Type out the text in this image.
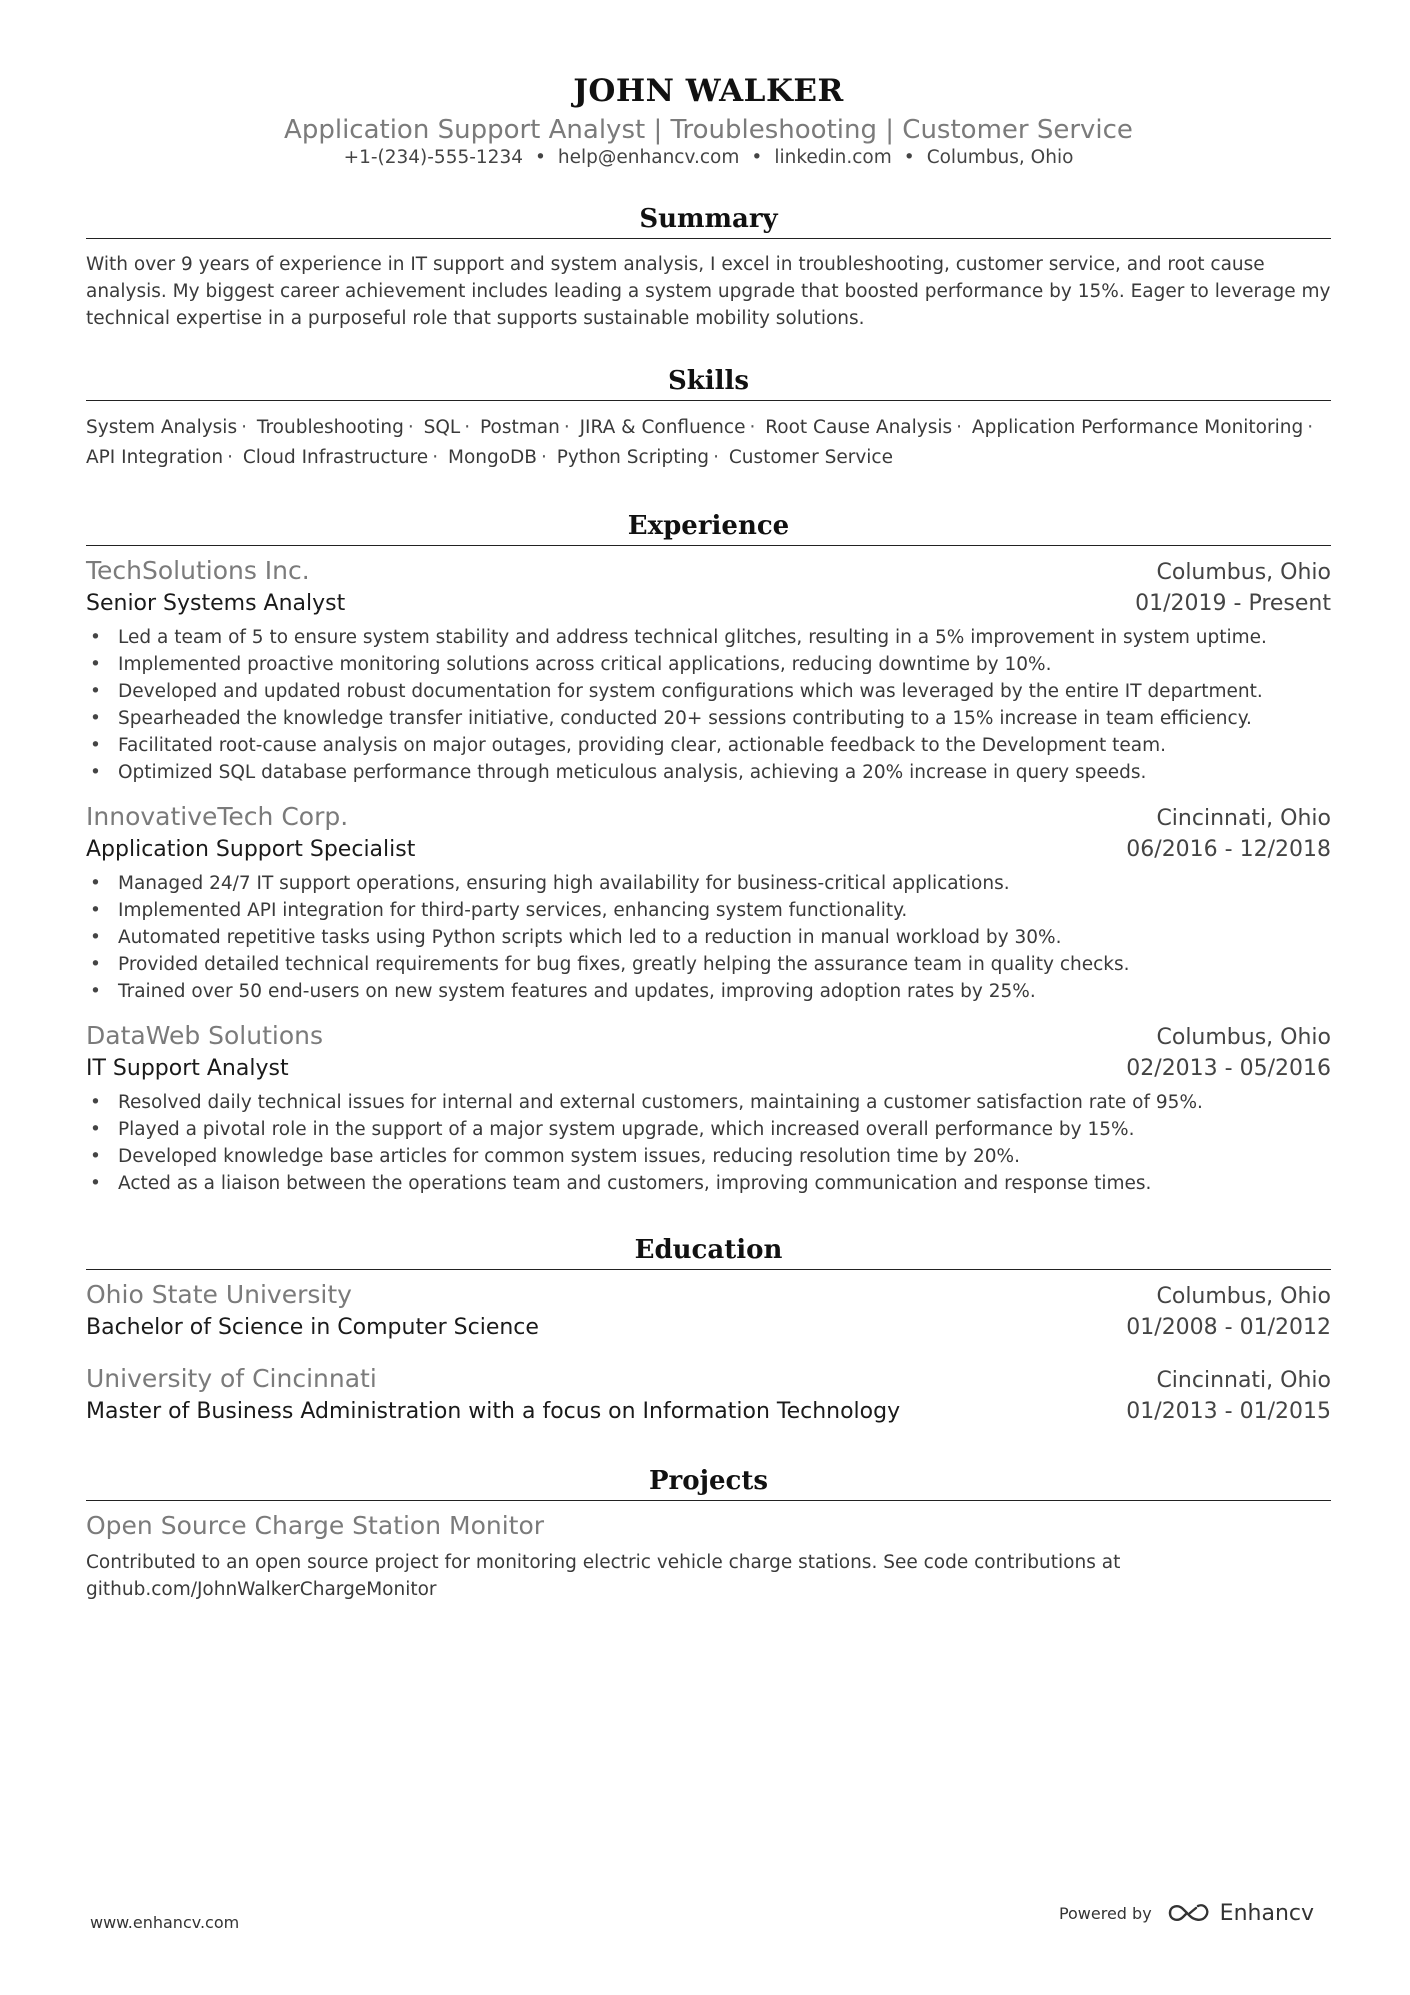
JOHN WALKER
Application Support Analyst | Troubleshooting | Customer Service
+1-(234)-555-1234 • help@enhancv.com • linkedin.com • Columbus, Ohio
Summary

With over 9 years of experience in IT support and system analysis, I excel in troubleshooting, customer service, and root cause analysis. My biggest career achievement includes leading a system upgrade that boosted performance by 15%. Eager to leverage my technical expertise in a purposeful role that supports sustainable mobility solutions.

Skills

System Analysis · Troubleshooting · SQL · Postman · JIRA & Confluence · Root Cause Analysis · Application Performance Monitoring · API Integration · Cloud Infrastructure · MongoDB · Python Scripting · Customer Service

Experience
TechSolutions Inc.	Columbus, Ohio
Senior Systems Analyst	01/2019 - Present
• Led a team of 5 to ensure system stability and address technical glitches, resulting in a 5% improvement in system uptime.
• Implemented proactive monitoring solutions across critical applications, reducing downtime by 10%.
• Developed and updated robust documentation for system configurations which was leveraged by the entire IT department.
• Spearheaded the knowledge transfer initiative, conducted 20+ sessions contributing to a 15% increase in team efficiency.
• Facilitated root-cause analysis on major outages, providing clear, actionable feedback to the Development team.
• Optimized SQL database performance through meticulous analysis, achieving a 20% increase in query speeds.
InnovativeTech Corp.	Cincinnati, Ohio
Application Support Specialist	06/2016 - 12/2018
• Managed 24/7 IT support operations, ensuring high availability for business-critical applications.
• Implemented API integration for third-party services, enhancing system functionality.
• Automated repetitive tasks using Python scripts which led to a reduction in manual workload by 30%.
• Provided detailed technical requirements for bug fixes, greatly helping the assurance team in quality checks.
• Trained over 50 end-users on new system features and updates, improving adoption rates by 25%.
DataWeb Solutions	Columbus, Ohio
IT Support Analyst	02/2013 - 05/2016
• Resolved daily technical issues for internal and external customers, maintaining a customer satisfaction rate of 95%.
• Played a pivotal role in the support of a major system upgrade, which increased overall performance by 15%.
• Developed knowledge base articles for common system issues, reducing resolution time by 20%.
• Acted as a liaison between the operations team and customers, improving communication and response times.
Education
Ohio State University	Columbus, Ohio
Bachelor of Science in Computer Science	01/2008 - 01/2012
University of Cincinnati	Cincinnati, Ohio
Master of Business Administration with a focus on Information Technology	01/2013 - 01/2015
Projects
Open Source Charge Station Monitor

Contributed to an open source project for monitoring electric vehicle charge stations. See code contributions at github.com/JohnWalkerChargeMonitor

www.enhancv.com	Powered by	Enhancv
